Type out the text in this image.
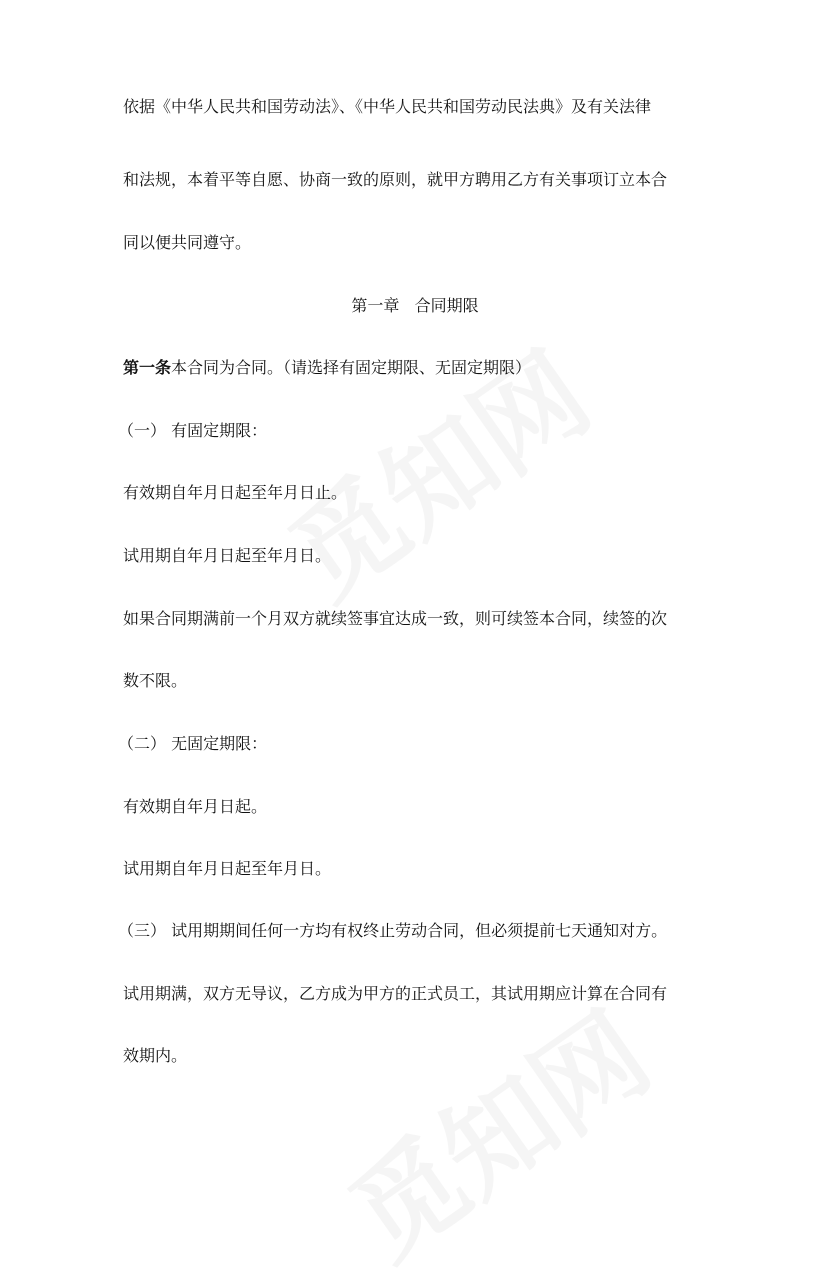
依据《中华人民共和国劳动法》、《中华人民共和国劳动民法典》及有关法律
和法规，本着平等自愿、协商一致的原则，就甲方聘用乙方有关事项订立本合
同以便共同遵守。
第一章   合同期限
第一条本合同为合同。（请选择有固定期限、无固定期限）
（一） 有固定期限：
有效期自年月日起至年月日止。
试用期自年月日起至年月日。
如果合同期满前一个月双方就续签事宜达成一致，则可续签本合同，续签的次
数不限。
（二） 无固定期限：
有效期自年月日起。
试用期自年月日起至年月日。
（三） 试用期期间任何一方均有权终止劳动合同，但必须提前七天通知对方。
试用期满，双方无导议，乙方成为甲方的正式员工，其试用期应计算在合同有
效期内。
